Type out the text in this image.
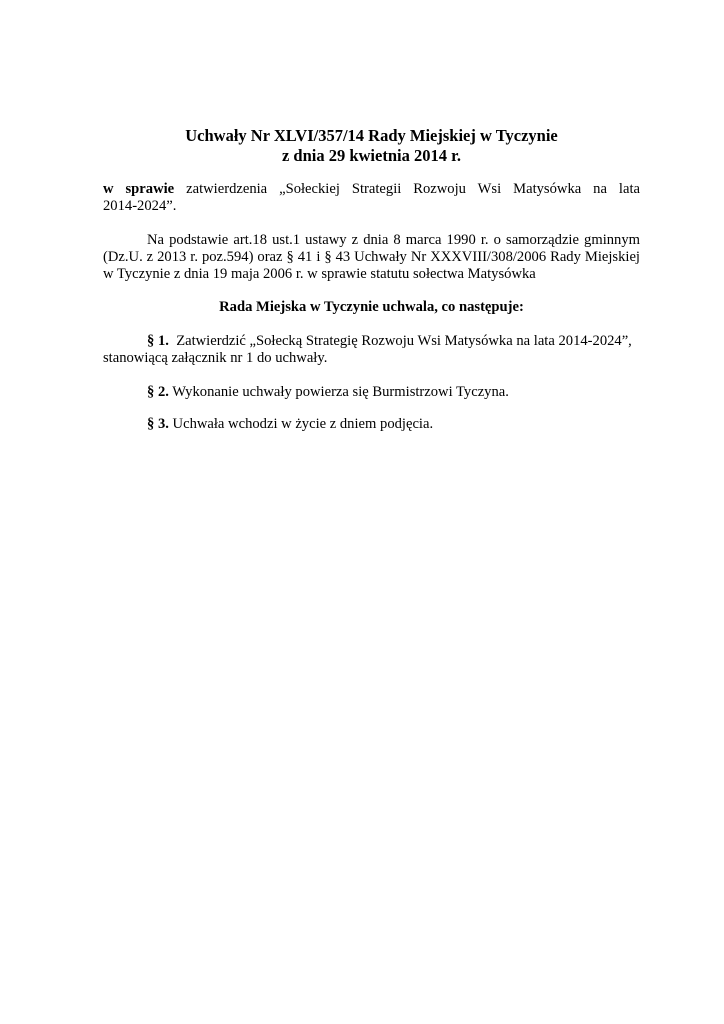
Uchwały Nr XLVI/357/14 Rady Miejskiej w Tyczynie
z dnia 29 kwietnia 2014 r.
w sprawie zatwierdzenia „Sołeckiej Strategii Rozwoju Wsi Matysówka na lata
2014-2024”.
Na podstawie art.18 ust.1 ustawy z dnia 8 marca 1990 r. o samorządzie gminnym
(Dz.U. z 2013 r. poz.594) oraz § 41 i § 43 Uchwały Nr XXXVIII/308/2006 Rady Miejskiej
w Tyczynie z dnia 19 maja 2006 r. w sprawie statutu sołectwa Matysówka
Rada Miejska w Tyczynie uchwala, co następuje:
§ 1. Zatwierdzić „Sołecką Strategię Rozwoju Wsi Matysówka na lata 2014-2024”,
stanowiącą załącznik nr 1 do uchwały.
§ 2. Wykonanie uchwały powierza się Burmistrzowi Tyczyna.
§ 3. Uchwała wchodzi w życie z dniem podjęcia.
